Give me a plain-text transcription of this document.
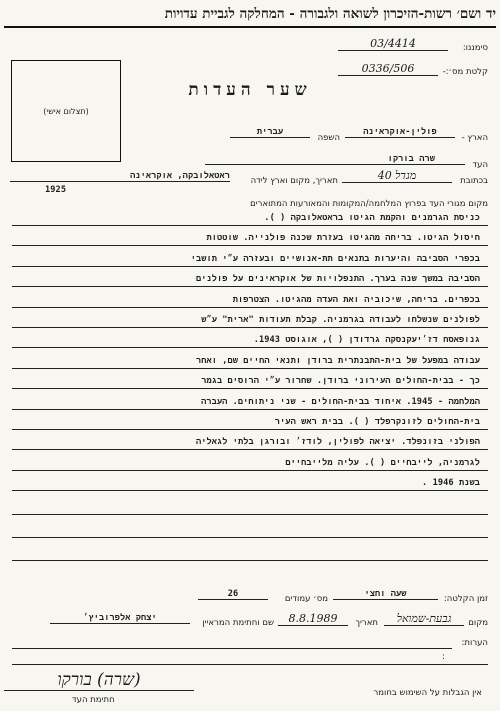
יד ושם׳ רשות-הזיכרון לשואה ולגבורה - המחלקה לגביית עדויות
סימננו:
03/4414
קלטת מס׳:-
0336/506
(תצלום אישי)
שער העדות
הארץ -
פולין-אוקראינה
השפה
עברית
העד
שרה בורקו
בכתובת
מגדל 40
תאריך, מקום וארץ לידה
ראטאלובקה, אוקראינה
1925
מקום מגורי העד בפרוץ המלחמה/המקומות והמאורעות המתוארים
כניסת הגרמנים והקמת הגיטו בראטאלובקה ( ).
חיסול הגיטו. בריחה מהגיטו בעזרת שכנה פולנייה. שוטטות
בכפרי הסביבה והיערות בתנאים תת-אנושיים ובעזרה ע״י תושבי
הסביבה במשך שנה בערך. התנפלויות של אוקראינים על פולנים
בכפרים. בריחה, שיכוביה ואת העדה מהגיטו. הצטרפות
לפולנים שנשלחו לעבודה בגרמניה. קבלת תעודות "ארית" ע״ש
גנופאסח דז׳יעקנסקה גרדודן ( ), אוגוסט 1943.
עבודה במפעל של בית-התבנתרית ברודן ותנאי החיים שם, ואחר
כך - בבית-החולים העירוני ברודן. שחרור ע״י הרוסים בגמר
המלחמה - 1945. איחוד בבית-החולים - שני ניתוחים. העברה
בית-החולים לזונקרפלד ( ). בבית ראש העיר
הפולני בזונפלד. יציאה לפולין, לודז׳ ובורגן בלתי לגאליה
לגרמניה, לייבחיים ( ). עליה מלייבחיים
בשנת 1946 .
זמן הקלטה:
שעה וחצי
מס׳ עמודים
26
מקום
גבעת-שמואל
תאריך
8.8.1989
שם וחתימת המראיין
יצחק אלפרוביץ׳
הערות:
:
(שרה) בורקו
חתימת העד
אין הגבלות על השימוש בחומר
